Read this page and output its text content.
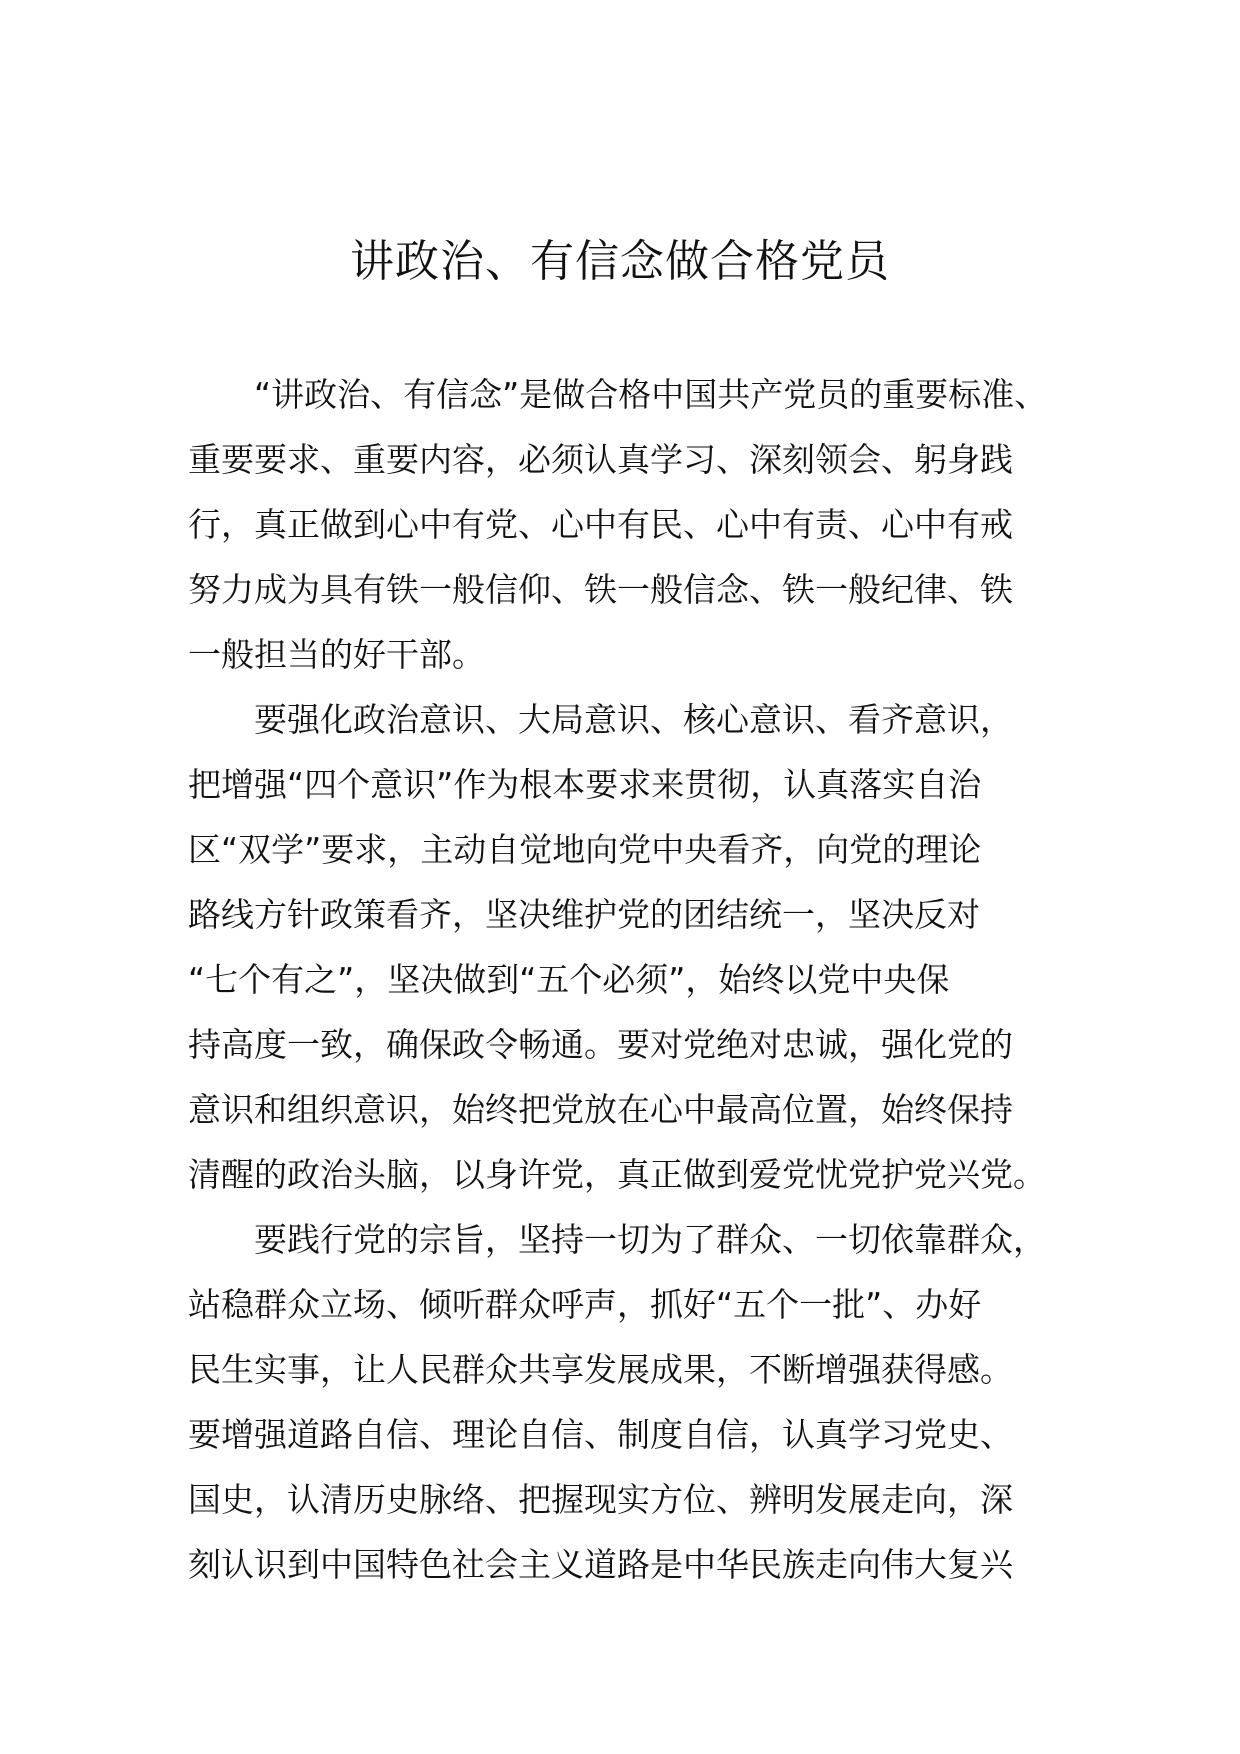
讲政治、有信念做合格党员
“讲政治、有信念”是做合格中国共产党员的重要标准、
重要要求、重要内容，必须认真学习、深刻领会、躬身践
行，真正做到心中有党、心中有民、心中有责、心中有戒
努力成为具有铁一般信仰、铁一般信念、铁一般纪律、铁
一般担当的好干部。
要强化政治意识、大局意识、核心意识、看齐意识，
把增强“四个意识”作为根本要求来贯彻，认真落实自治
区“双学”要求，主动自觉地向党中央看齐，向党的理论
路线方针政策看齐，坚决维护党的团结统一，坚决反对
“七个有之”，坚决做到“五个必须”，始终以党中央保
持高度一致，确保政令畅通。要对党绝对忠诚，强化党的
意识和组织意识，始终把党放在心中最高位置，始终保持
清醒的政治头脑，以身许党，真正做到爱党忧党护党兴党。
要践行党的宗旨，坚持一切为了群众、一切依靠群众，
站稳群众立场、倾听群众呼声，抓好“五个一批”、办好
民生实事，让人民群众共享发展成果，不断增强获得感。
要增强道路自信、理论自信、制度自信，认真学习党史、
国史，认清历史脉络、把握现实方位、辨明发展走向，深
刻认识到中国特色社会主义道路是中华民族走向伟大复兴
